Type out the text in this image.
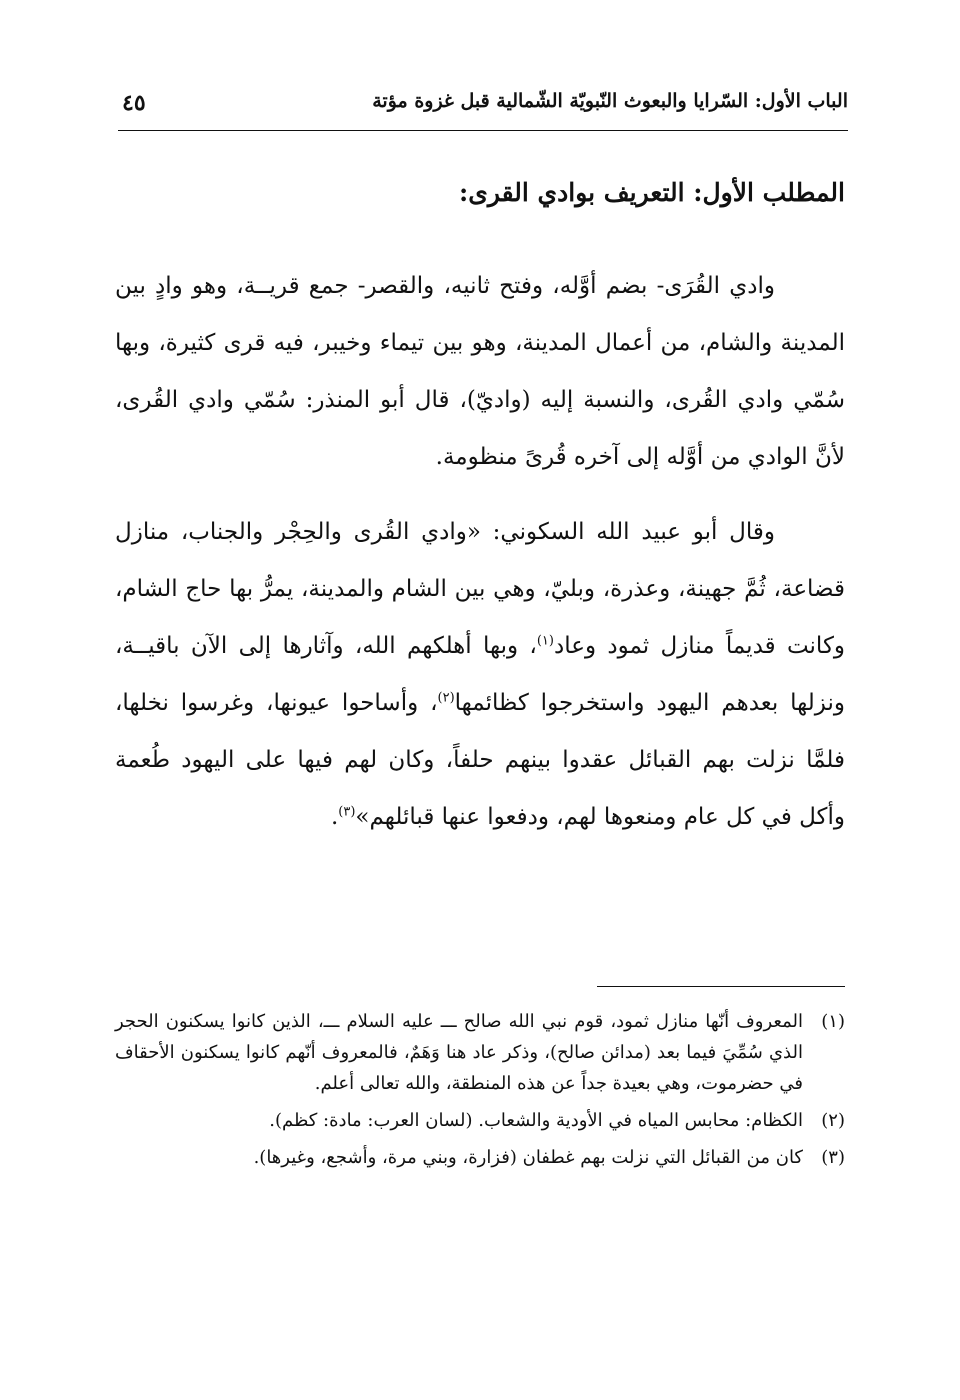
الباب الأول: السّرايا والبعوث النّبويّة الشّمالية قبل غزوة مؤتة
٤٥
المطلب الأول: التعريف بوادي القرى:

وادي القُرَى- بضم أوَّله، وفتح ثانيه، والقصر- جمع قريــة، وهو وادٍ بين المدينة والشام، من أعمال المدينة، وهو بين تيماء وخيبر، فيه قرى كثيرة، وبها سُمّي وادي القُرى، والنسبة إليه (واديّ)، قال أبو المنذر: سُمّي وادي القُرى، لأنَّ الوادي من أوَّله إلى آخره قُرىً منظومة.

وقال أبو عبيد الله السكوني: «وادي القُرى والحِجْر والجناب، منازل قضاعة، ثُمَّ جهينة، وعذرة، وبليّ، وهي بين الشام والمدينة، يمرُّ بها حاج الشام، وكانت قديماً منازل ثمود وعاد$^{(١)}$، وبها أهلكهم الله، وآثارها إلى الآن باقيــة، ونزلها بعدهم اليهود واستخرجوا كظائمها$^{(٢)}$، وأساحوا عيونها، وغرسوا نخلها، فلمَّا نزلت بهم القبائل عقدوا بينهم حلفاً، وكان لهم فيها على اليهود طُعمة وأكل في كل عام ومنعوها لهم، ودفعوا عنها قبائلهم»$^{(٣)}$.

(١)
المعروف أنّها منازل ثمود، قوم نبي الله صالح ـــ عليه السلام ـــ، الذين كانوا يسكنون الحجر الذي سُمِّيَ فيما بعد (مدائن صالح)، وذكر عاد هنا وَهَمٌ، فالمعروف أنّهم كانوا يسكنون الأحقاف في حضرموت، وهي بعيدة جداً عن هذه المنطقة، والله تعالى أعلم.
(٢)
الكظام: محابس المياه في الأودية والشعاب. (لسان العرب: مادة: كظم).
(٣)
كان من القبائل التي نزلت بهم غطفان (فزارة، وبني مرة، وأشجع، وغيرها).
